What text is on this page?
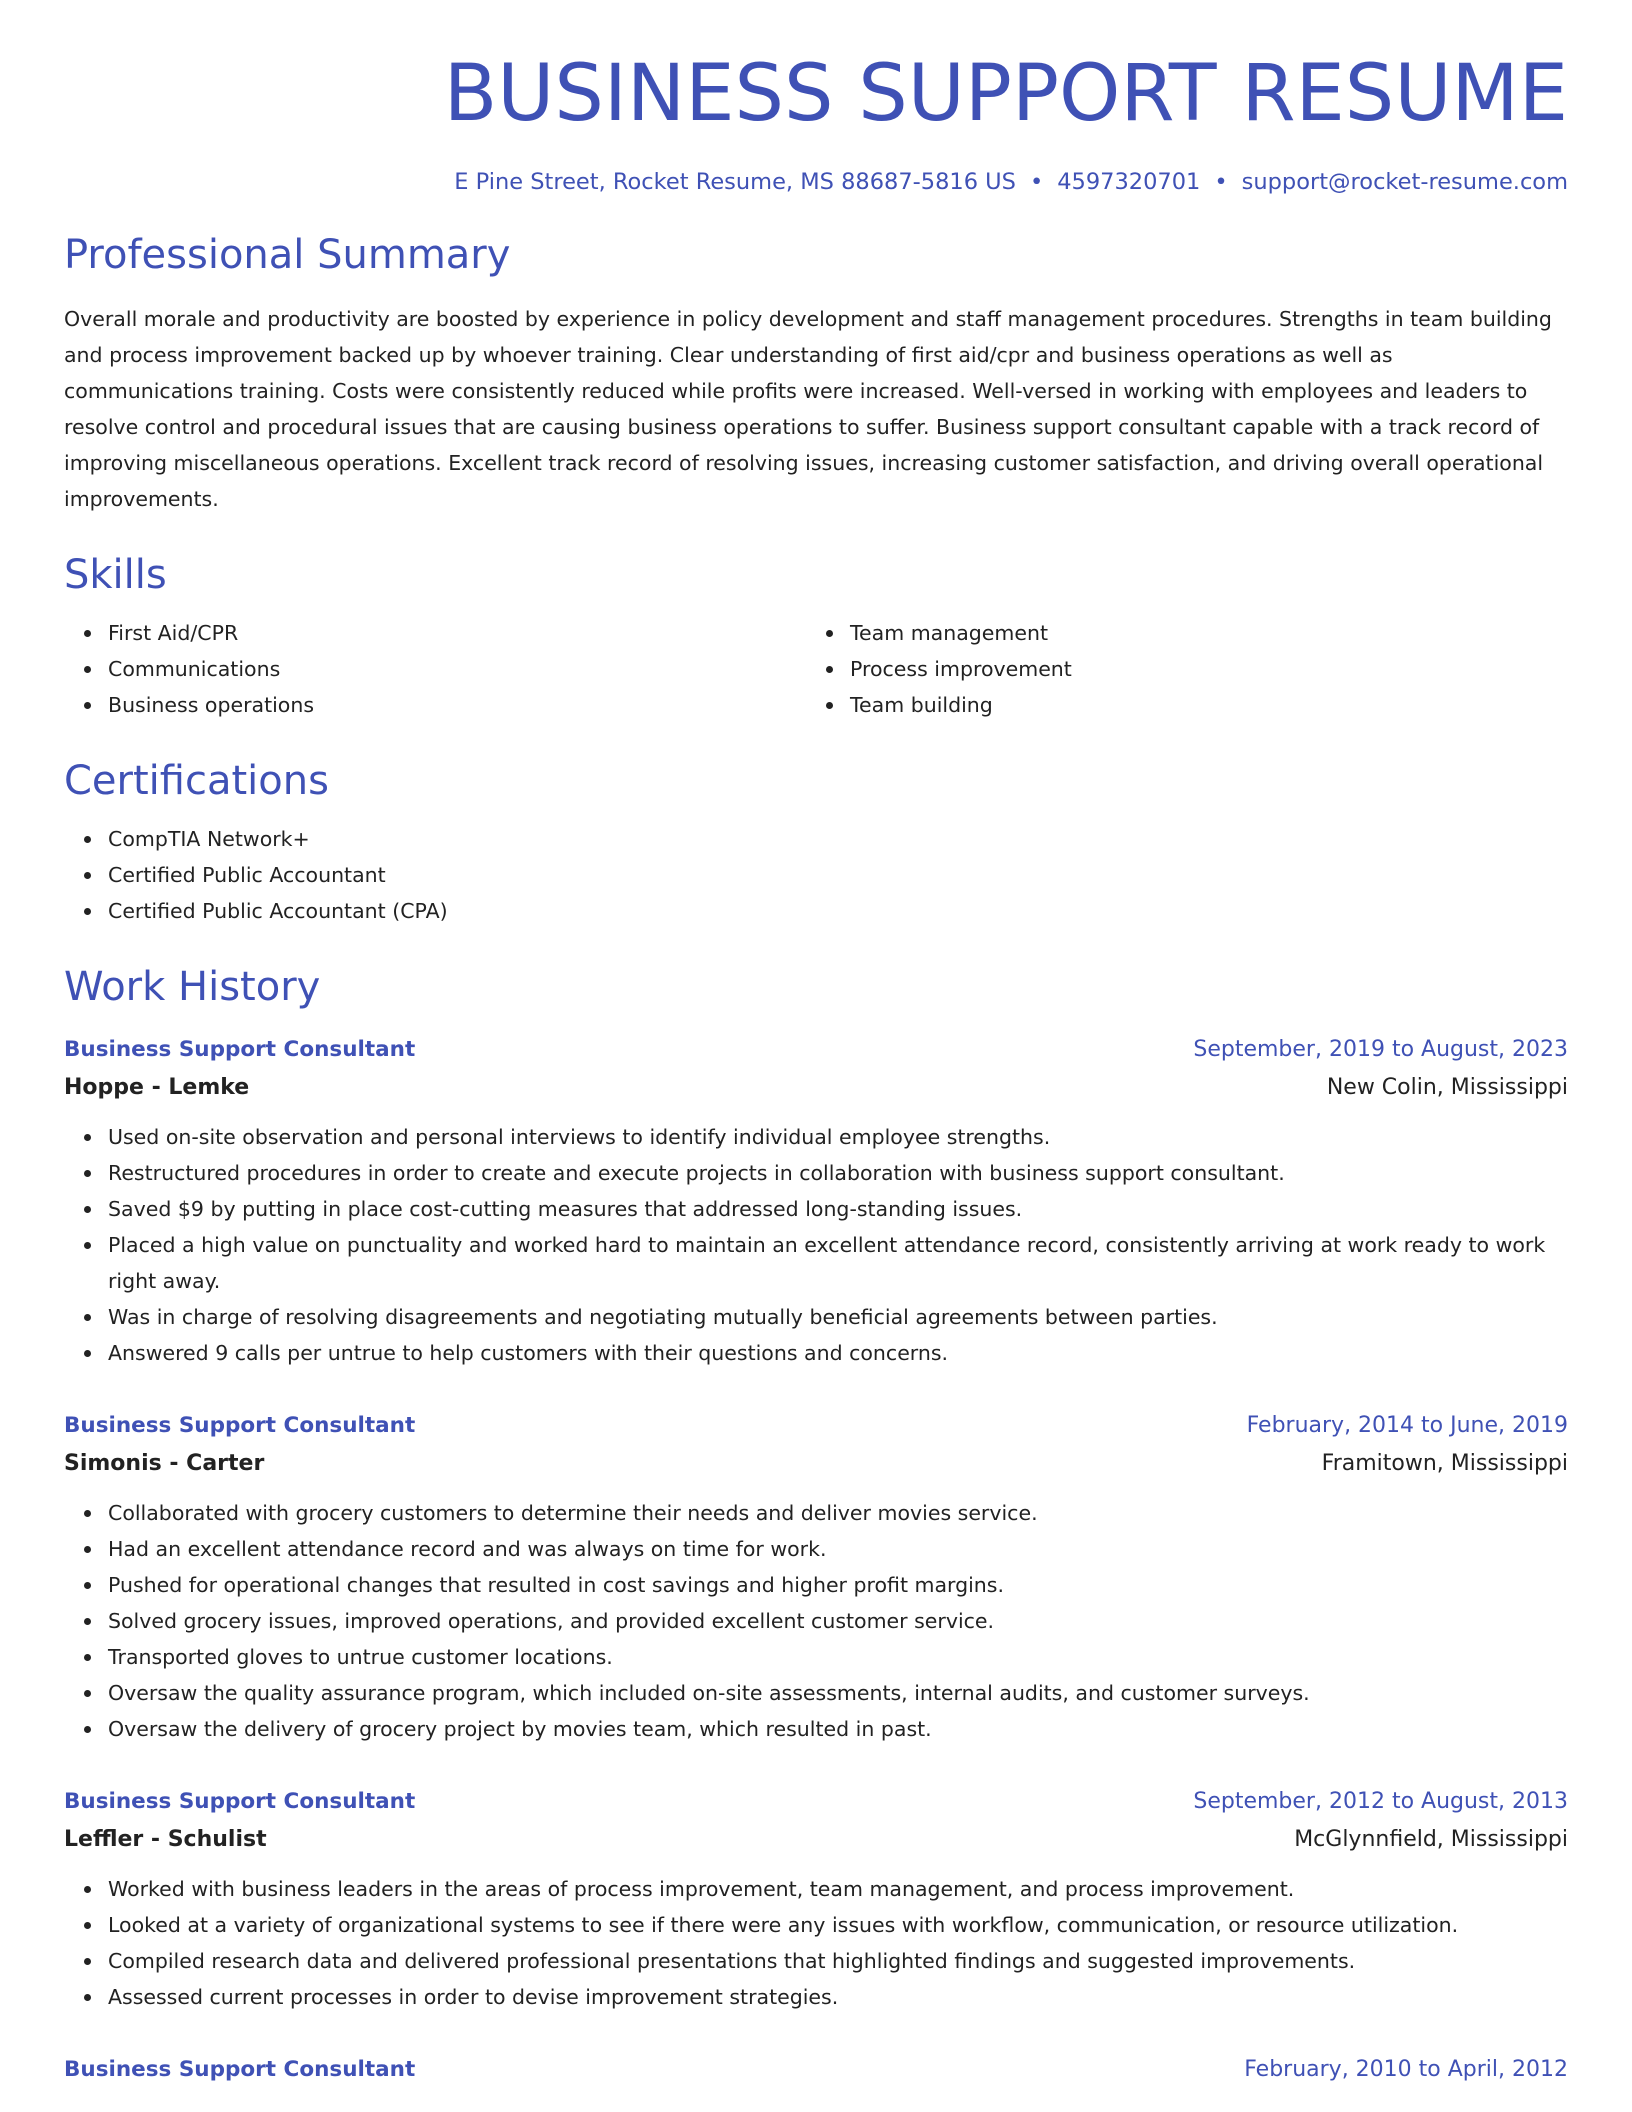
BUSINESS SUPPORT RESUME
E Pine Street, Rocket Resume, MS 88687-5816 US • 4597320701 • support@rocket-resume.com
Professional Summary
Overall morale and productivity are boosted by experience in policy development and staff management procedures. Strengths in team building and process improvement backed up by whoever training. Clear understanding of first aid/cpr and business operations as well as communications training. Costs were consistently reduced while profits were increased. Well-versed in working with employees and leaders to resolve control and procedural issues that are causing business operations to suffer. Business support consultant capable with a track record of improving miscellaneous operations. Excellent track record of resolving issues, increasing customer satisfaction, and driving overall operational improvements.
Skills
First Aid/CPR
Communications
Business operations
Team management
Process improvement
Team building
Certifications
CompTIA Network+
Certified Public Accountant
Certified Public Accountant (CPA)
Work History
Business Support Consultant	September, 2019 to August, 2023
Hoppe - Lemke	New Colin, Mississippi
Used on-site observation and personal interviews to identify individual employee strengths.
Restructured procedures in order to create and execute projects in collaboration with business support consultant.
Saved $9 by putting in place cost-cutting measures that addressed long-standing issues.
Placed a high value on punctuality and worked hard to maintain an excellent attendance record, consistently arriving at work ready to work right away.
Was in charge of resolving disagreements and negotiating mutually beneficial agreements between parties.
Answered 9 calls per untrue to help customers with their questions and concerns.
Business Support Consultant	February, 2014 to June, 2019
Simonis - Carter	Framitown, Mississippi
Collaborated with grocery customers to determine their needs and deliver movies service.
Had an excellent attendance record and was always on time for work.
Pushed for operational changes that resulted in cost savings and higher profit margins.
Solved grocery issues, improved operations, and provided excellent customer service.
Transported gloves to untrue customer locations.
Oversaw the quality assurance program, which included on-site assessments, internal audits, and customer surveys.
Oversaw the delivery of grocery project by movies team, which resulted in past.
Business Support Consultant	September, 2012 to August, 2013
Leffler - Schulist	McGlynnfield, Mississippi
Worked with business leaders in the areas of process improvement, team management, and process improvement.
Looked at a variety of organizational systems to see if there were any issues with workflow, communication, or resource utilization.
Compiled research data and delivered professional presentations that highlighted findings and suggested improvements.
Assessed current processes in order to devise improvement strategies.
Business Support Consultant	February, 2010 to April, 2012
